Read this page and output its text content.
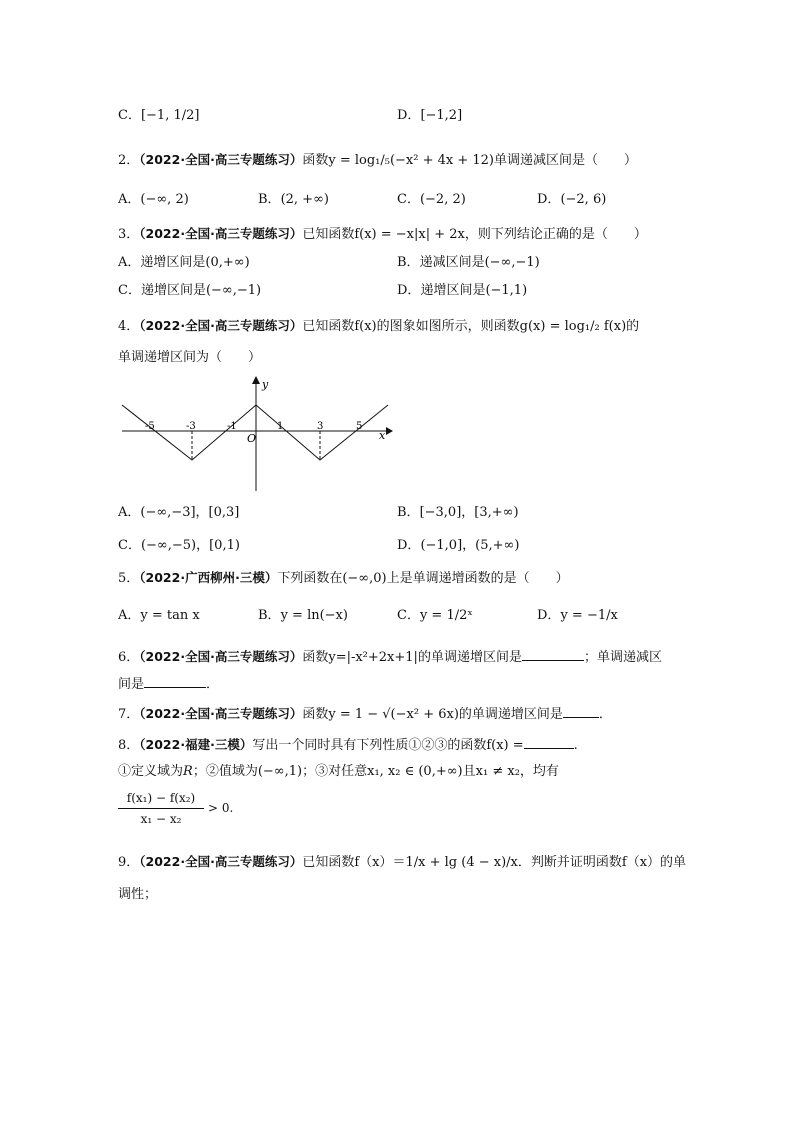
C．[−1, 1/2]	D．[−1,2]
2．（2022·全国·高三专题练习）函数y = log₁/₅(−x² + 4x + 12)单调递减区间是（　　）
A．(−∞, 2)	B．(2, +∞)	C．(−2, 2)	D．(−2, 6)
3．（2022·全国·高三专题练习）已知函数f(x) = −x|x| + 2x，则下列结论正确的是（　　）
A．递增区间是(0,+∞)	B．递减区间是(−∞,−1)
C．递增区间是(−∞,−1)	D．递增区间是(−1,1)
4．（2022·全国·高三专题练习）已知函数f(x)的图象如图所示，则函数g(x) = log₁/₂ f(x)的
单调递增区间为（　　）
y
x
O
-5	-3	-1	1	3	5
A．(−∞,−3]，[0,3]	B．[−3,0]，[3,+∞)
C．(−∞,−5)，[0,1)	D．(−1,0]，(5,+∞)
5．（2022·广西柳州·三模）下列函数在(−∞,0)上是单调递增函数的是（　　）
A．y = tan x	B．y = ln(−x)	C．y = 1/2ˣ	D．y = −1/x
6．（2022·全国·高三专题练习）函数y=|-x²+2x+1|的单调递增区间是	；单调递减区
间是	．
7．（2022·全国·高三专题练习）函数y = 1 − √(−x² + 6x)的单调递增区间是	．
8．（2022·福建·三模）写出一个同时具有下列性质①②③的函数f(x) =	.
①定义域为R；②值域为(−∞,1)；③对任意x₁, x₂ ∈ (0,+∞)且x₁ ≠ x₂，均有
f(x₁) − f(x₂)
x₁ − x₂
> 0.
9．（2022·全国·高三专题练习）已知函数f（x）＝1/x + lg (4 − x)/x．判断并证明函数f（x）的单
调性；
